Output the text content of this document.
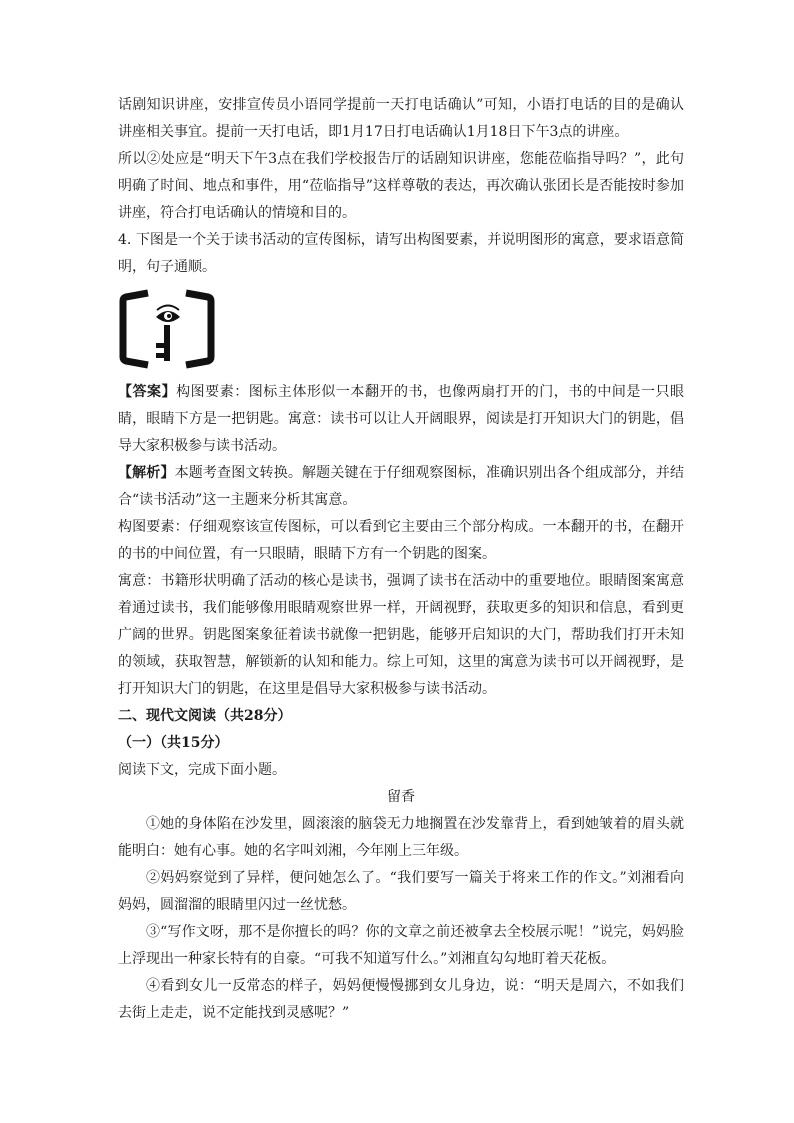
话剧知识讲座，安排宣传员小语同学提前一天打电话确认”可知，小语打电话的目的是确认讲座相关事宜。提前一天打电话，即1月17日打电话确认1月18日下午3点的讲座。

所以②处应是“明天下午3点在我们学校报告厅的话剧知识讲座，您能莅临指导吗？”，此句明确了时间、地点和事件，用“莅临指导”这样尊敬的表达，再次确认张团长是否能按时参加讲座，符合打电话确认的情境和目的。

4. 下图是一个关于读书活动的宣传图标，请写出构图要素，并说明图形的寓意，要求语意简明，句子通顺。

【答案】构图要素：图标主体形似一本翻开的书，也像两扇打开的门，书的中间是一只眼睛，眼睛下方是一把钥匙。寓意：读书可以让人开阔眼界，阅读是打开知识大门的钥匙，倡导大家积极参与读书活动。

【解析】本题考查图文转换。解题关键在于仔细观察图标，准确识别出各个组成部分，并结合“读书活动”这一主题来分析其寓意。

构图要素：仔细观察该宣传图标，可以看到它主要由三个部分构成。一本翻开的书，在翻开的书的中间位置，有一只眼睛，眼睛下方有一个钥匙的图案。

寓意：书籍形状明确了活动的核心是读书，强调了读书在活动中的重要地位。眼睛图案寓意着通过读书，我们能够像用眼睛观察世界一样，开阔视野，获取更多的知识和信息，看到更广阔的世界。钥匙图案象征着读书就像一把钥匙，能够开启知识的大门，帮助我们打开未知的领域，获取智慧，解锁新的认知和能力。综上可知，这里的寓意为读书可以开阔视野，是打开知识大门的钥匙，在这里是倡导大家积极参与读书活动。

二、现代文阅读（共28分）

（一）（共15分）

阅读下文，完成下面小题。

留香

①她的身体陷在沙发里，圆滚滚的脑袋无力地搁置在沙发靠背上，看到她皱着的眉头就能明白：她有心事。她的名字叫刘湘，今年刚上三年级。

②妈妈察觉到了异样，便问她怎么了。“我们要写一篇关于将来工作的作文。”刘湘看向妈妈，圆溜溜的眼睛里闪过一丝忧愁。

③“写作文呀，那不是你擅长的吗？你的文章之前还被拿去全校展示呢！”说完，妈妈脸上浮现出一种家长特有的自豪。“可我不知道写什么。”刘湘直勾勾地盯着天花板。

④看到女儿一反常态的样子，妈妈便慢慢挪到女儿身边，说：“明天是周六，不如我们去街上走走，说不定能找到灵感呢？”
